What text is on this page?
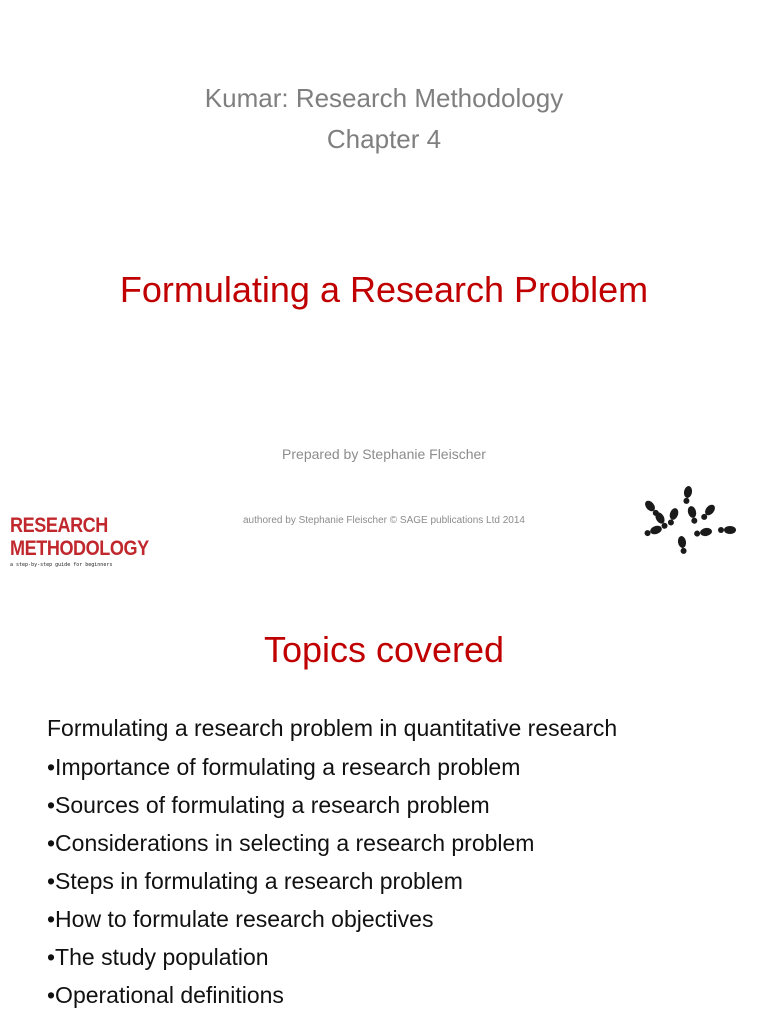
Kumar: Research Methodology
Chapter 4
Formulating a Research Problem
Prepared by Stephanie Fleischer
authored by Stephanie Fleischer © SAGE publications Ltd 2014
RESEARCH
METHODOLOGY
a step-by-step guide for beginners
Topics covered
Formulating a research problem in quantitative research
•Importance of formulating a research problem
•Sources of formulating a research problem
•Considerations in selecting a research problem
•Steps in formulating a research problem
•How to formulate research objectives
•The study population
•Operational definitions
